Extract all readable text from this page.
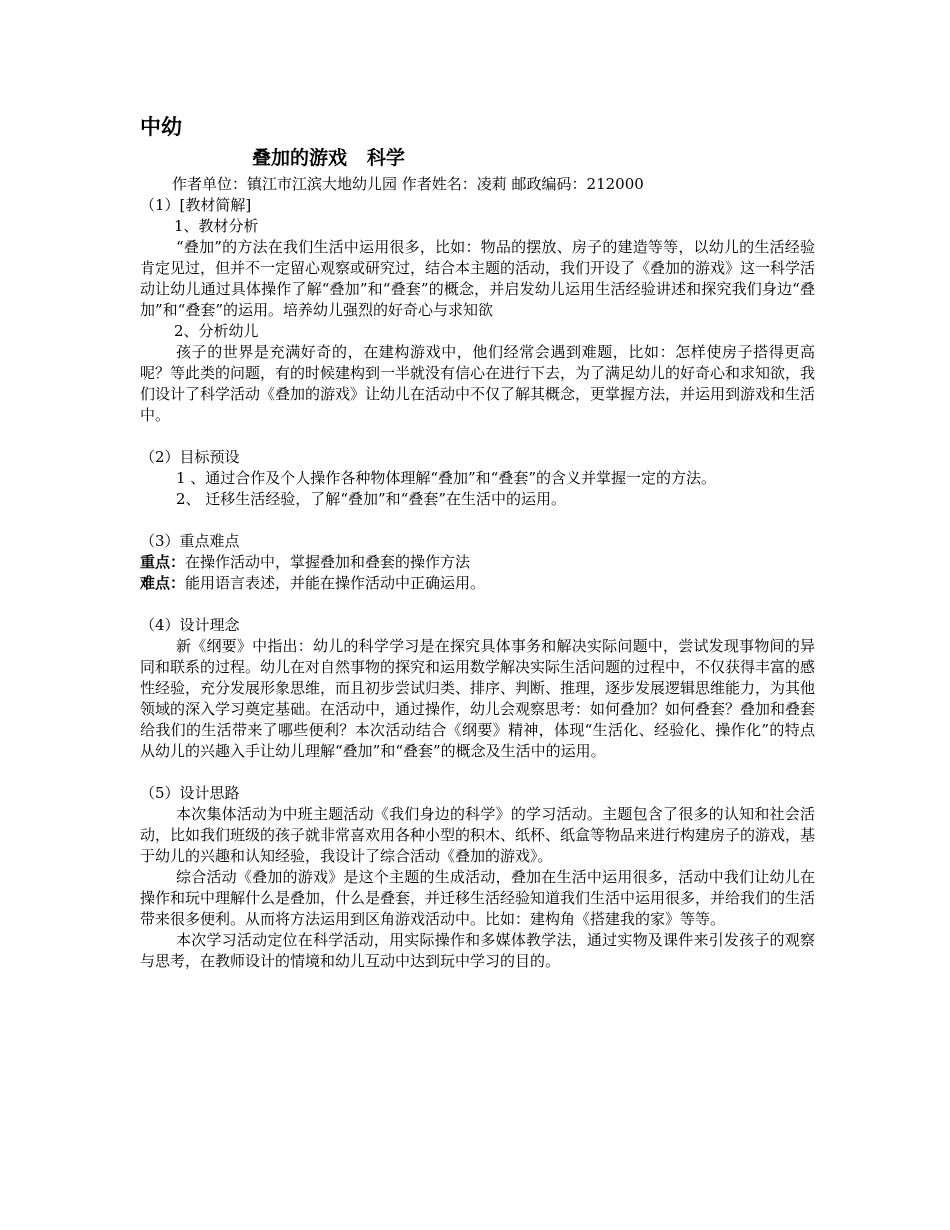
中幼

叠加的游戏   科学

作者单位：镇江市江滨大地幼儿园 作者姓名：凌莉 邮政编码：212000

（1）[教材简解]

1、教材分析

“叠加”的方法在我们生活中运用很多，比如：物品的摆放、房子的建造等等，以幼儿的生活经验肯定见过，但并不一定留心观察或研究过，结合本主题的活动，我们开设了《叠加的游戏》这一科学活动让幼儿通过具体操作了解“叠加”和“叠套”的概念，并启发幼儿运用生活经验讲述和探究我们身边“叠加”和“叠套”的运用。培养幼儿强烈的好奇心与求知欲

2、分析幼儿

孩子的世界是充满好奇的，在建构游戏中，他们经常会遇到难题，比如：怎样使房子搭得更高呢？等此类的问题，有的时候建构到一半就没有信心在进行下去，为了满足幼儿的好奇心和求知欲，我们设计了科学活动《叠加的游戏》让幼儿在活动中不仅了解其概念，更掌握方法，并运用到游戏和生活中。

（2）目标预设

1 、通过合作及个人操作各种物体理解“叠加”和“叠套”的含义并掌握一定的方法。

2、 迁移生活经验，了解“叠加”和“叠套”在生活中的运用。

（3）重点难点

重点：在操作活动中，掌握叠加和叠套的操作方法

难点：能用语言表述，并能在操作活动中正确运用。

（4）设计理念

新《纲要》中指出：幼儿的科学学习是在探究具体事务和解决实际问题中，尝试发现事物间的异同和联系的过程。幼儿在对自然事物的探究和运用数学解决实际生活问题的过程中，不仅获得丰富的感性经验，充分发展形象思维，而且初步尝试归类、排序、判断、推理，逐步发展逻辑思维能力，为其他领域的深入学习奠定基础。在活动中，通过操作，幼儿会观察思考：如何叠加？如何叠套？叠加和叠套给我们的生活带来了哪些便利？本次活动结合《纲要》精神，体现“生活化、经验化、操作化”的特点从幼儿的兴趣入手让幼儿理解“叠加”和“叠套”的概念及生活中的运用。

（5）设计思路

本次集体活动为中班主题活动《我们身边的科学》的学习活动。主题包含了很多的认知和社会活动，比如我们班级的孩子就非常喜欢用各种小型的积木、纸杯、纸盒等物品来进行构建房子的游戏，基于幼儿的兴趣和认知经验，我设计了综合活动《叠加的游戏》。

综合活动《叠加的游戏》是这个主题的生成活动，叠加在生活中运用很多，活动中我们让幼儿在操作和玩中理解什么是叠加，什么是叠套，并迁移生活经验知道我们生活中运用很多，并给我们的生活带来很多便利。从而将方法运用到区角游戏活动中。比如：建构角《搭建我的家》等等。

本次学习活动定位在科学活动，用实际操作和多媒体教学法，通过实物及课件来引发孩子的观察与思考，在教师设计的情境和幼儿互动中达到玩中学习的目的。
